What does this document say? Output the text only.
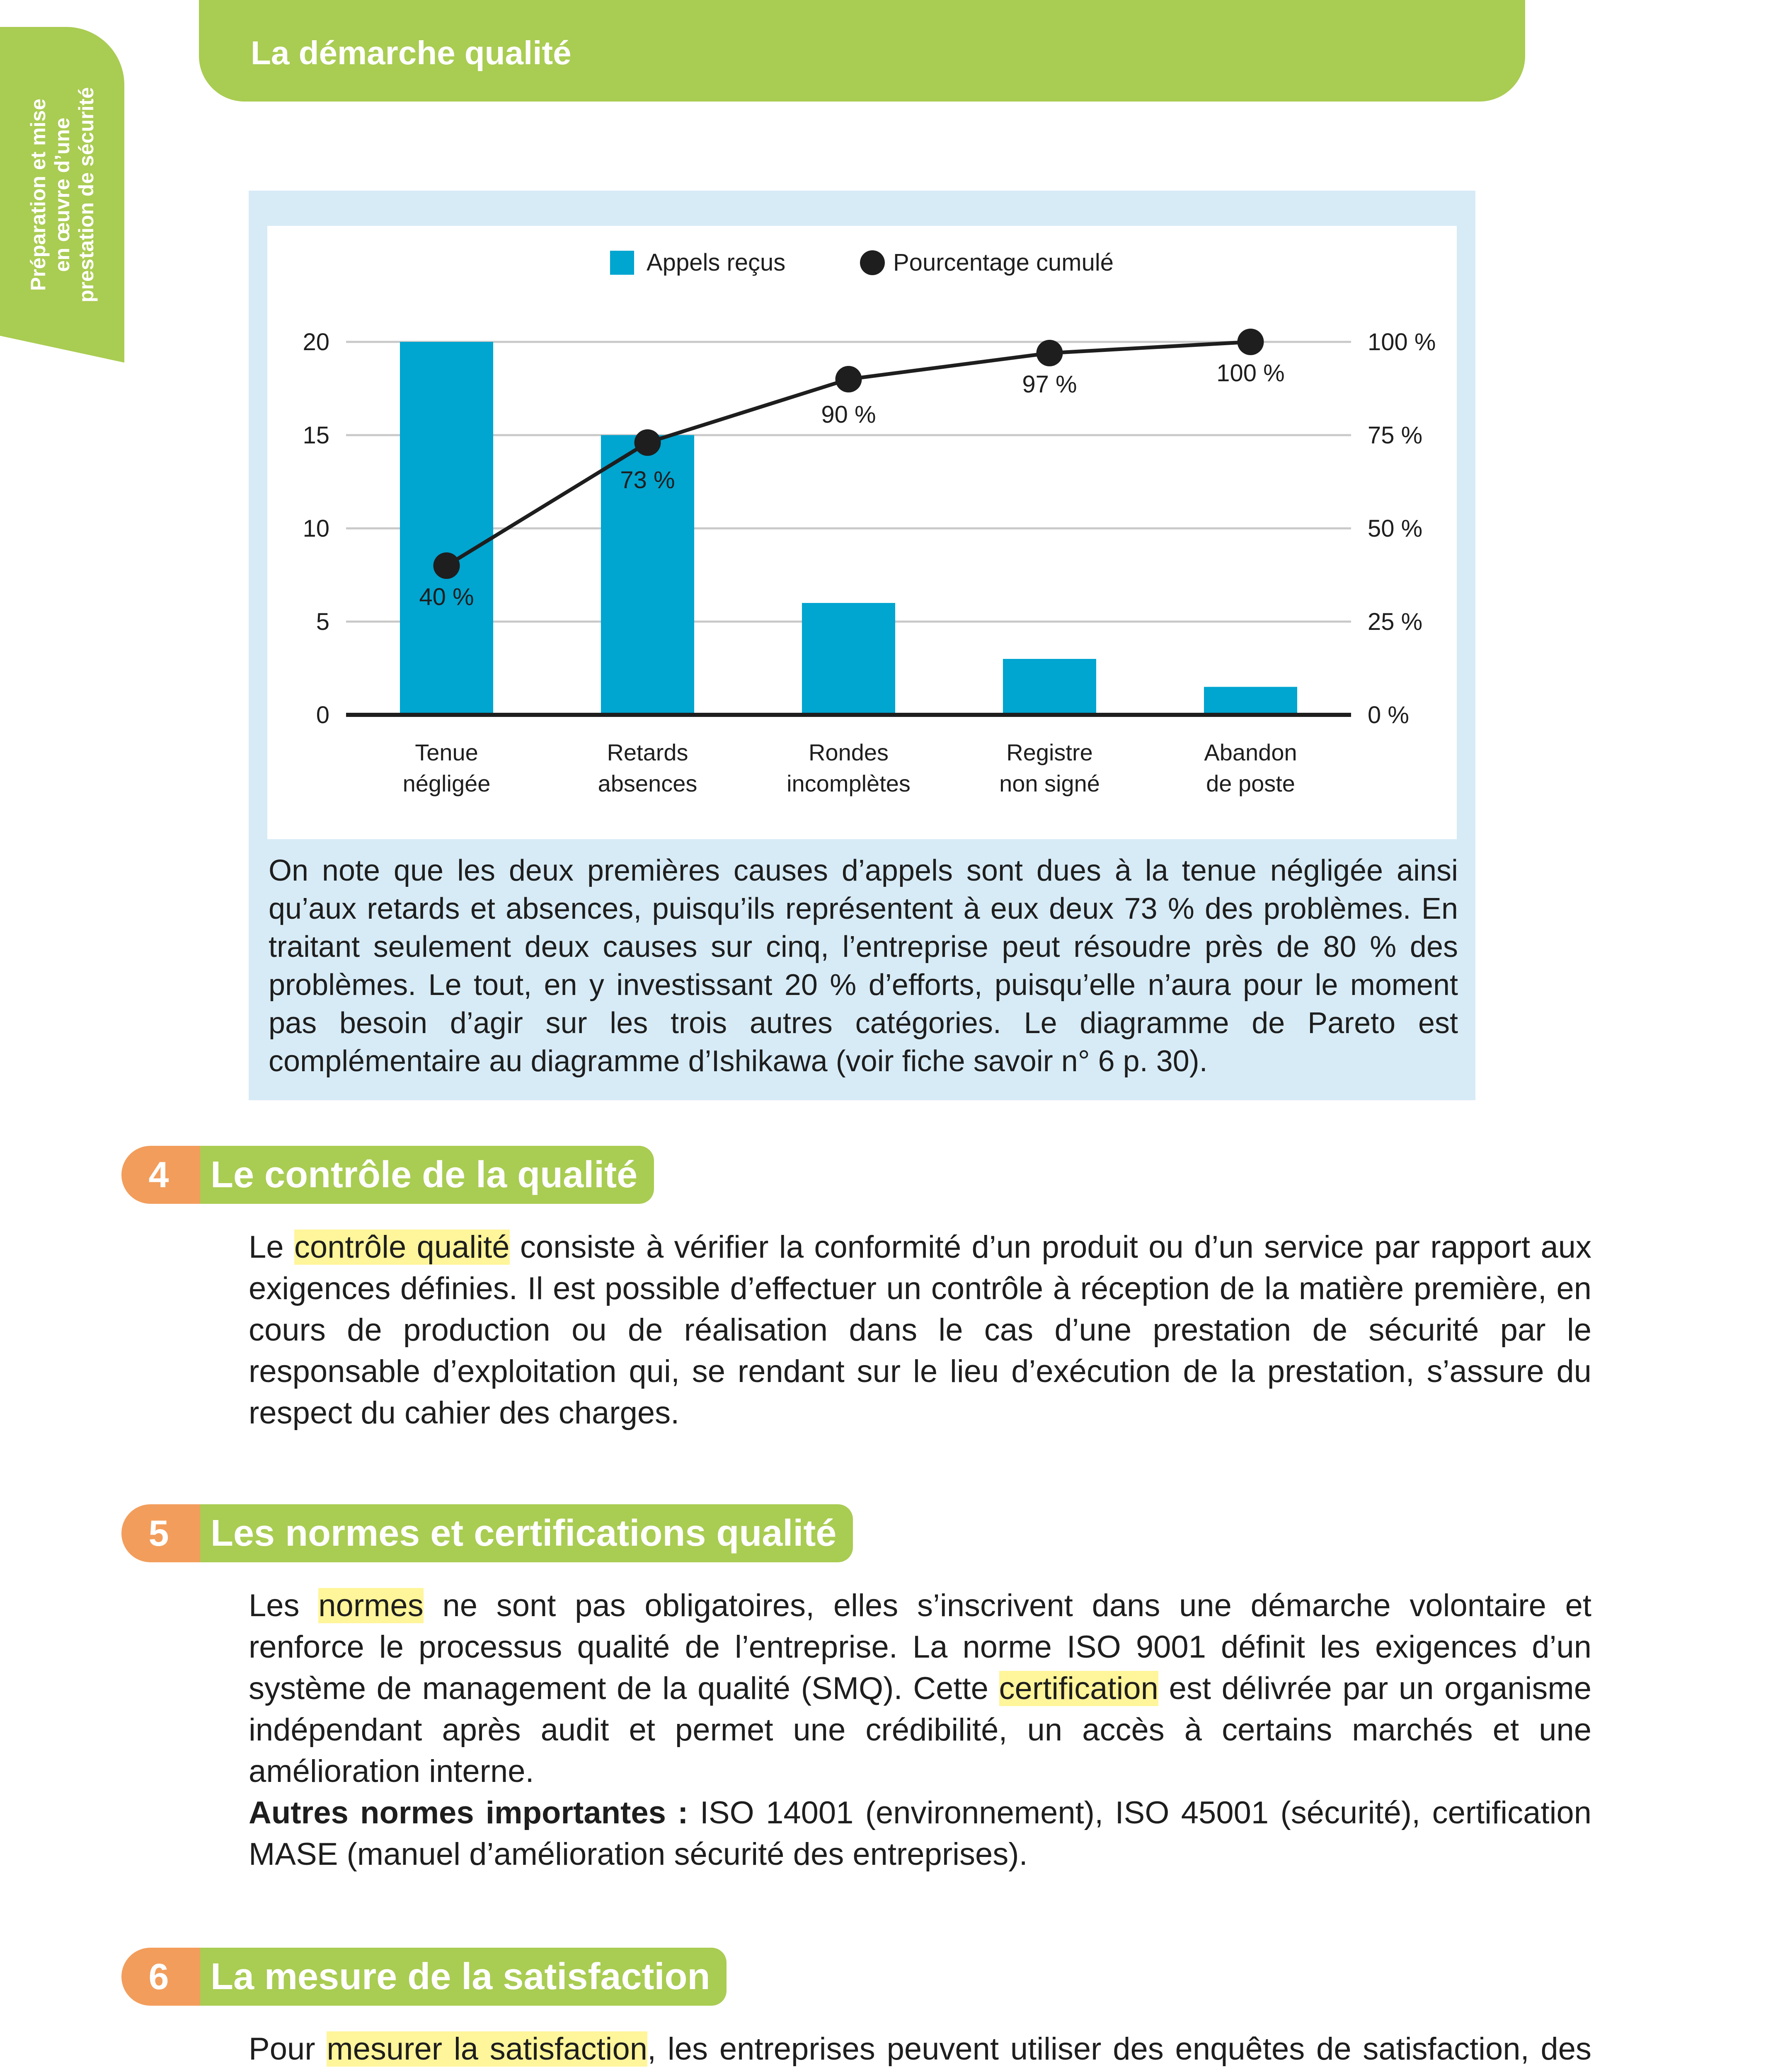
La démarche qualité
Préparation et mise en œuvre d’une prestation de sécurité	Appels reçus	Pourcentage cumulé
0	0 %
5	25 %
10	50 %
15	75 %
20	100 %
Tenue
négligée
Retards
absences
Rondes
incomplètes
Registre
non signé
Abandon
de poste
40 %
73 %
90 %
97 %	100 %
On note que les deux premières causes d’appels sont dues à la tenue négligée ainsi qu’aux retards et absences, puisqu’ils représentent à eux deux 73 % des problèmes. En traitant seulement deux causes sur cinq, l’entreprise peut résoudre près de 80 % des problèmes. Le tout, en y investissant 20 % d’efforts, puisqu’elle n’aura pour le moment pas besoin d’agir sur les trois autres catégories. Le diagramme de Pareto est complémentaire au diagramme d’Ishikawa (voir fiche savoir n° 6 p. 30).
4	Le contrôle de la qualité
Le contrôle qualité consiste à vérifier la conformité d’un produit ou d’un service par rapport aux exigences définies. Il est possible d’effectuer un contrôle à réception de la matière première, en cours de production ou de réalisation dans le cas d’une prestation de sécurité par le responsable d’exploitation qui, se rendant sur le lieu d’exécution de la prestation, s’assure du respect du cahier des charges.
5	Les normes et certifications qualité
Les normes ne sont pas obligatoires, elles s’inscrivent dans une démarche volontaire et renforce le processus qualité de l’entreprise. La norme ISO 9001 définit les exigences d’un système de management de la qualité (SMQ). Cette certification est délivrée par un organisme indépendant après audit et permet une crédibilité, un accès à certains marchés et une amélioration interne.
Autres normes importantes : ISO 14001 (environnement), ISO 45001 (sécurité), certification MASE (manuel d’amélioration sécurité des entreprises).
6	La mesure de la satisfaction
Pour mesurer la satisfaction, les entreprises peuvent utiliser des enquêtes de satisfaction, des
